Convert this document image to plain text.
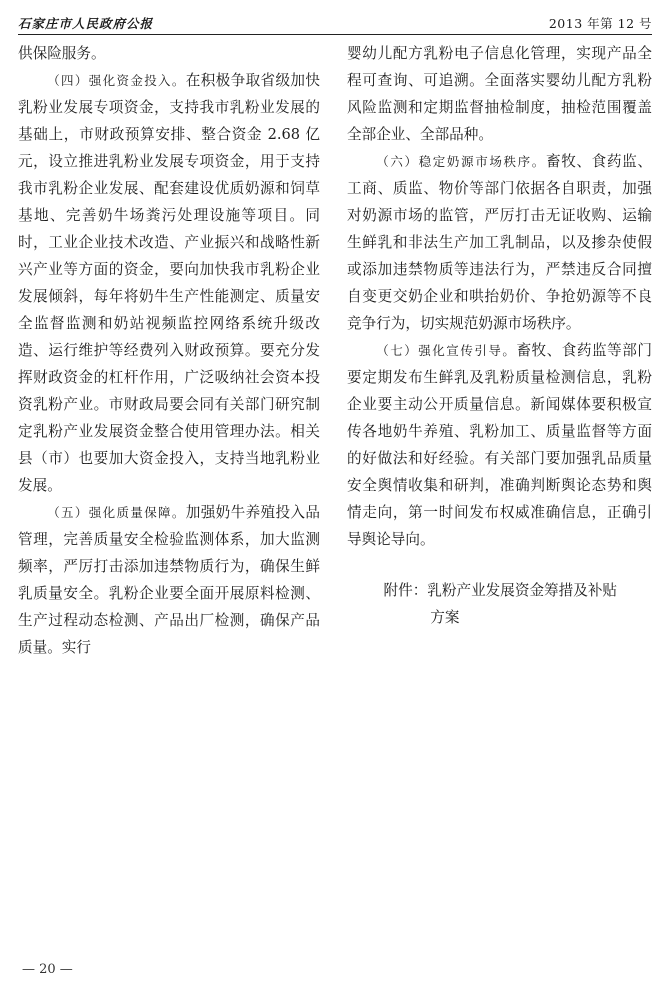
石家庄市人民政府公报	2013 年第 12 号

供保险服务。

（四）强化资金投入。在积极争取省级加快乳粉业发展专项资金，支持我市乳粉业发展的基础上，市财政预算安排、整合资金 2.68 亿元，设立推进乳粉业发展专项资金，用于支持我市乳粉企业发展、配套建设优质奶源和饲草基地、完善奶牛场粪污处理设施等项目。同时，工业企业技术改造、产业振兴和战略性新兴产业等方面的资金，要向加快我市乳粉企业发展倾斜，每年将奶牛生产性能测定、质量安全监督监测和奶站视频监控网络系统升级改造、运行维护等经费列入财政预算。要充分发挥财政资金的杠杆作用，广泛吸纳社会资本投资乳粉产业。市财政局要会同有关部门研究制定乳粉产业发展资金整合使用管理办法。相关县（市）也要加大资金投入，支持当地乳粉业发展。

（五）强化质量保障。加强奶牛养殖投入品管理，完善质量安全检验监测体系，加大监测频率，严厉打击添加违禁物质行为，确保生鲜乳质量安全。乳粉企业要全面开展原料检测、生产过程动态检测、产品出厂检测，确保产品质量。实行

婴幼儿配方乳粉电子信息化管理，实现产品全程可查询、可追溯。全面落实婴幼儿配方乳粉风险监测和定期监督抽检制度，抽检范围覆盖全部企业、全部品种。

（六）稳定奶源市场秩序。畜牧、食药监、工商、质监、物价等部门依据各自职责，加强对奶源市场的监管，严厉打击无证收购、运输生鲜乳和非法生产加工乳制品，以及掺杂使假或添加违禁物质等违法行为，严禁违反合同擅自变更交奶企业和哄抬奶价、争抢奶源等不良竞争行为，切实规范奶源市场秩序。

（七）强化宣传引导。畜牧、食药监等部门要定期发布生鲜乳及乳粉质量检测信息，乳粉企业要主动公开质量信息。新闻媒体要积极宣传各地奶牛养殖、乳粉加工、质量监督等方面的好做法和好经验。有关部门要加强乳品质量安全舆情收集和研判，准确判断舆论态势和舆情走向，第一时间发布权威准确信息，正确引导舆论导向。

附件：乳粉产业发展资金筹措及补贴
方案
— 20 —
